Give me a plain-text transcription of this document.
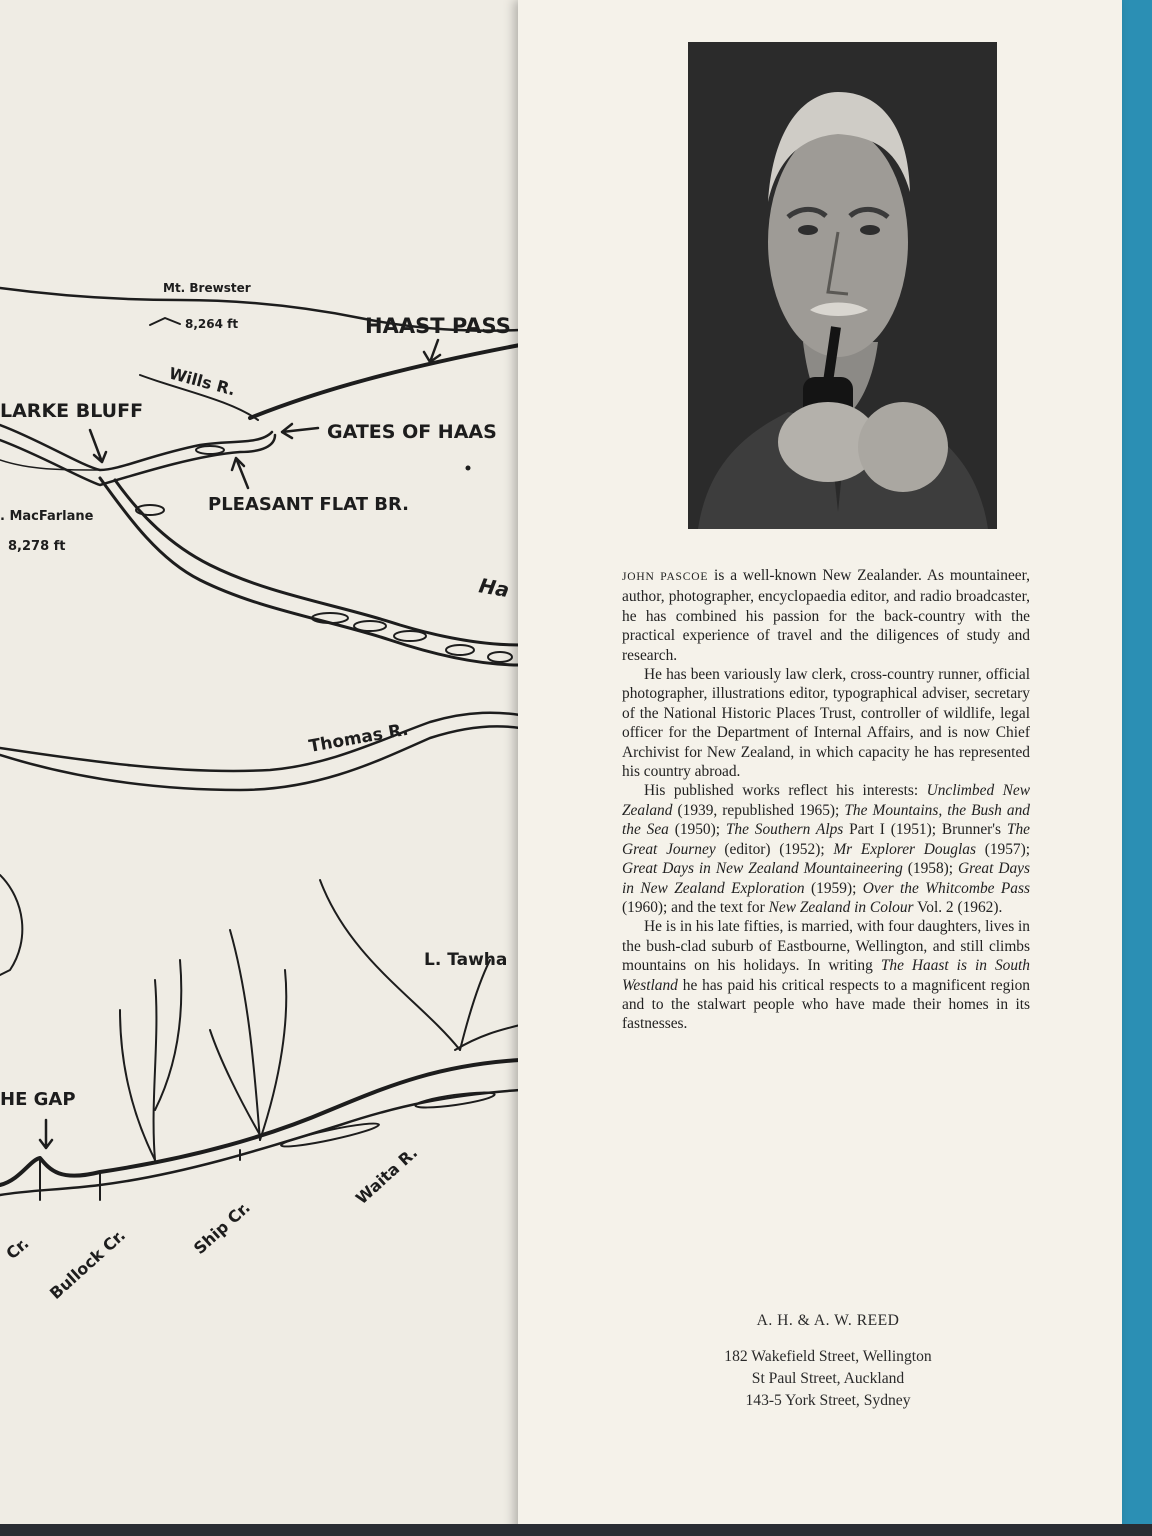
Mt. Brewster
8,264 ft	HAAST PASS
Wills R.
LARKE BLUFF
GATES OF HAAS
PLEASANT FLAT BR.
. MacFarlane
8,278 ft
Ha
Thomas R.
L. Tawha
HE GAP
Cr. Bullock Cr.	Ship Cr.
Waita R.

JOHN PASCOE is a well-known New Zealander. As mountaineer, author, photographer, encyclopaedia editor, and radio broadcaster, he has combined his passion for the back-country with the practical experience of travel and the diligences of study and research.

He has been variously law clerk, cross-country runner, official photographer, illustrations editor, typographical adviser, secretary of the National Historic Places Trust, controller of wildlife, legal officer for the Department of Internal Affairs, and is now Chief Archivist for New Zealand, in which capacity he has represented his country abroad.

His published works reflect his interests: Unclimbed New Zealand (1939, republished 1965); The Mountains, the Bush and the Sea (1950); The Southern Alps Part I (1951); Brunner's The Great Journey (editor) (1952); Mr Explorer Douglas (1957); Great Days in New Zealand Mountaineering (1958); Great Days in New Zealand Exploration (1959); Over the Whitcombe Pass (1960); and the text for New Zealand in Colour Vol. 2 (1962).

He is in his late fifties, is married, with four daughters, lives in the bush-clad suburb of Eastbourne, Wellington, and still climbs mountains on his holidays. In writing The Haast is in South Westland he has paid his critical respects to a magnificent region and to the stalwart people who have made their homes in its fastnesses.

A. H. & A. W. REED
182 Wakefield Street, Wellington
St Paul Street, Auckland
143-5 York Street, Sydney
